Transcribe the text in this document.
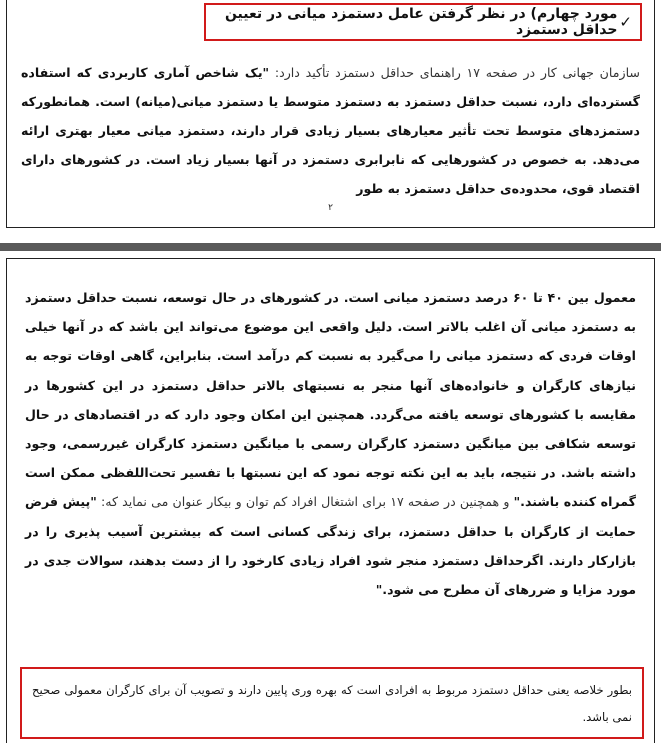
✓
مورد چهارم) در نظر گرفتن عامل دستمزد میانی در تعیین حداقل دستمزد

سازمان جهانی کار در صفحه ۱۷ راهنمای حداقل دستمزد تأکید دارد: "یک شاخص آماری کاربردی که استفاده گسترده‌ای دارد، نسبت حداقل دستمزد به دستمزد متوسط یا دستمزد میانی(میانه) است. همانطورکه دستمزدهای متوسط تحت تأثیر معیارهای بسیار زیادی قرار دارند، دستمزد میانی معیار بهتری ارائه می‌دهد. به خصوص در کشورهایی که نابرابری دستمزد در آنها بسیار زیاد است. در کشورهای دارای اقتصاد قوی، محدوده‌ی حداقل دستمزد به طور

۲

معمول بین ۴۰ تا ۶۰ درصد دستمزد میانی است. در کشورهای در حال توسعه، نسبت حداقل دستمزد به دستمزد میانی آن اغلب بالاتر است. دلیل واقعی این موضوع می‌تواند این باشد که در آنها خیلی اوقات فردی که دستمزد میانی را می‌گیرد به نسبت کم درآمد است. بنابراین، گاهی اوقات توجه به نیازهای کارگران و خانواده‌های آنها منجر به نسبتهای بالاتر حداقل دستمزد در این کشورها در مقایسه با کشورهای توسعه یافته می‌گردد. همچنین این امکان وجود دارد که در اقتصادهای در حال توسعه شکافی بین میانگین دستمزد کارگران رسمی با میانگین دستمزد کارگران غیررسمی، وجود داشته باشد. در نتیجه، باید به این نکته توجه نمود که این نسبتها با تفسیر تحت‌اللفظی ممکن است گمراه کننده باشند." و همچنین در صفحه ۱۷ برای اشتغال افراد کم توان و بیکار عنوان می نماید که: "پیش فرض حمایت از کارگران با حداقل دستمزد، برای زندگی کسانی است که بیشترین آسیب پذیری را در بازارکار دارند. اگرحداقل دستمزد منجر شود افراد زیادی کارخود را از دست بدهند، سوالات جدی در مورد مزایا و ضررهای آن مطرح می شود."

بطور خلاصه یعنی حداقل دستمزد مربوط به افرادی است که بهره وری پایین دارند و تصویب آن برای کارگران معمولی صحیح نمی باشد.
